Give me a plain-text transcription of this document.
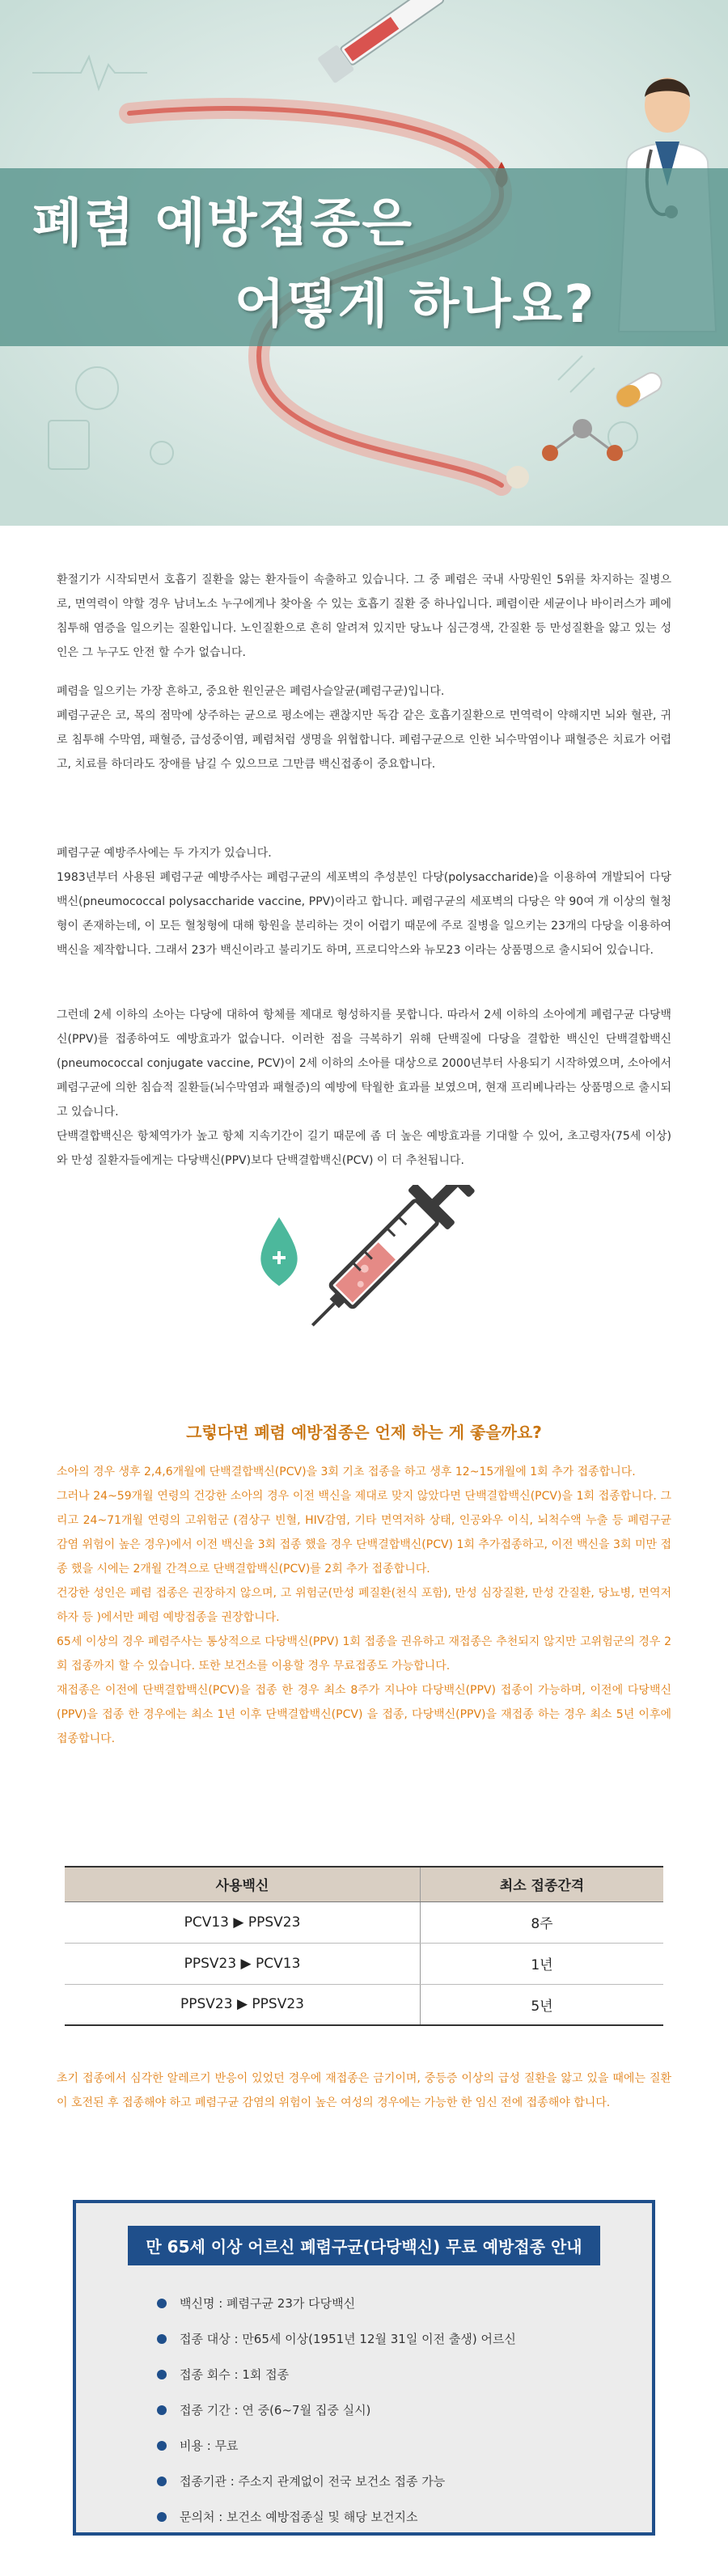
폐렴 예방접종은
어떻게 하나요?

환절기가 시작되면서 호흡기 질환을 앓는 환자들이 속출하고 있습니다. 그 중 폐렴은 국내 사망원인 5위를 차지하는 질병으로, 면역력이 약할 경우 남녀노소 누구에게나 찾아올 수 있는 호흡기 질환 중 하나입니다. 폐렴이란 세균이나 바이러스가 폐에 침투해 염증을 일으키는 질환입니다. 노인질환으로 흔히 알려져 있지만 당뇨나 심근경색, 간질환 등 만성질환을 앓고 있는 성인은 그 누구도 안전 할 수가 없습니다.

폐렴을 일으키는 가장 흔하고, 중요한 원인균은 폐렴사슬알균(폐렴구균)입니다.

폐렴구균은 코, 목의 점막에 상주하는 균으로 평소에는 괜찮지만 독감 같은 호흡기질환으로 면역력이 약해지면 뇌와 혈관, 귀로 침투해 수막염, 패혈증, 급성중이염, 폐렴처럼 생명을 위협합니다. 폐렴구균으로 인한 뇌수막염이나 패혈증은 치료가 어렵고, 치료를 하더라도 장애를 남길 수 있으므로 그만큼 백신접종이 중요합니다.

폐렴구균 예방주사에는 두 가지가 있습니다.

1983년부터 사용된 폐렴구균 예방주사는 폐렴구균의 세포벽의 추성분인 다당(polysaccharide)을 이용하여 개발되어 다당백신(pneumococcal polysaccharide vaccine, PPV)이라고 합니다. 폐렴구균의 세포벽의 다당은 약 90여 개 이상의 혈청형이 존재하는데, 이 모든 혈청형에 대해 항원을 분리하는 것이 어렵기 때문에 주로 질병을 일으키는 23개의 다당을 이용하여 백신을 제작합니다. 그래서 23가 백신이라고 불리기도 하며, 프로디악스와 뉴모23 이라는 상품명으로 출시되어 있습니다.

그런데 2세 이하의 소아는 다당에 대하여 항체를 제대로 형성하지를 못합니다. 따라서 2세 이하의 소아에게 폐렴구균 다당백신(PPV)를 접종하여도 예방효과가 없습니다. 이러한 점을 극복하기 위해 단백질에 다당을 결합한 백신인 단백결합백신(pneumococcal conjugate vaccine, PCV)이 2세 이하의 소아를 대상으로 2000년부터 사용되기 시작하였으며, 소아에서 폐렴구균에 의한 침습적 질환들(뇌수막염과 패혈증)의 예방에 탁월한 효과를 보였으며, 현재 프리베나라는 상품명으로 출시되고 있습니다.

단백결합백신은 항체역가가 높고 항체 지속기간이 길기 때문에 좀 더 높은 예방효과를 기대할 수 있어, 초고령자(75세 이상)와 만성 질환자들에게는 다당백신(PPV)보다 단백결합백신(PCV) 이 더 추천됩니다.

그렇다면 폐렴 예방접종은 언제 하는 게 좋을까요?

소아의 경우 생후 2,4,6개월에 단백결합백신(PCV)을 3회 기초 접종을 하고 생후 12~15개월에 1회 추가 접종합니다.

그러나 24~59개월 연령의 건강한 소아의 경우 이전 백신을 제대로 맞지 않았다면 단백결합백신(PCV)을 1회 접종합니다. 그리고 24~71개월 연령의 고위험군 (겸상구 빈혈, HIV감염, 기타 면역저하 상태, 인공와우 이식, 뇌척수액 누출 등 폐렴구균 감염 위험이 높은 경우)에서 이전 백신을 3회 접종 했을 경우 단백결합백신(PCV) 1회 추가접종하고, 이전 백신을 3회 미만 접종 했을 시에는 2개월 간격으로 단백결합백신(PCV)를 2회 추가 접종합니다.

건강한 성인은 폐렴 접종은 권장하지 않으며, 고 위험군(만성 폐질환(천식 포함), 만성 심장질환, 만성 간질환, 당뇨병, 면역저하자 등 )에서만 폐렴 예방접종을 권장합니다.

65세 이상의 경우 폐렴주사는 통상적으로 다당백신(PPV) 1회 접종을 권유하고 재접종은 추천되지 않지만 고위험군의 경우 2회 접종까지 할 수 있습니다. 또한 보건소를 이용할 경우 무료접종도 가능합니다.

재접종은 이전에 단백결합백신(PCV)을 접종 한 경우 최소 8주가 지나야 다당백신(PPV) 접종이 가능하며, 이전에 다당백신(PPV)을 접종 한 경우에는 최소 1년 이후 단백결합백신(PCV) 을 접종, 다당백신(PPV)을 재접종 하는 경우 최소 5년 이후에 접종합니다.

사용백신	최소 접종간격
PCV13 ▶ PPSV23	8주
PPSV23 ▶ PCV13	1년
PPSV23 ▶ PPSV23	5년

초기 접종에서 심각한 알레르기 반응이 있었던 경우에 재접종은 금기이며, 중등증 이상의 급성 질환을 앓고 있을 때에는 질환이 호전된 후 접종해야 하고 폐렴구균 감염의 위험이 높은 여성의 경우에는 가능한 한 임신 전에 접종해야 합니다.

만 65세 이상 어르신 폐렴구균(다당백신) 무료 예방접종 안내
백신명 : 폐렴구균 23가 다당백신
접종 대상 : 만65세 이상(1951년 12월 31일 이전 출생) 어르신
접종 회수 : 1회 접종
접종 기간 : 연 중(6~7월 집중 실시)
비용 : 무료
접종기관 : 주소지 관계없이 전국 보건소 접종 가능
문의처 : 보건소 예방접종실 및 해당 보건지소
